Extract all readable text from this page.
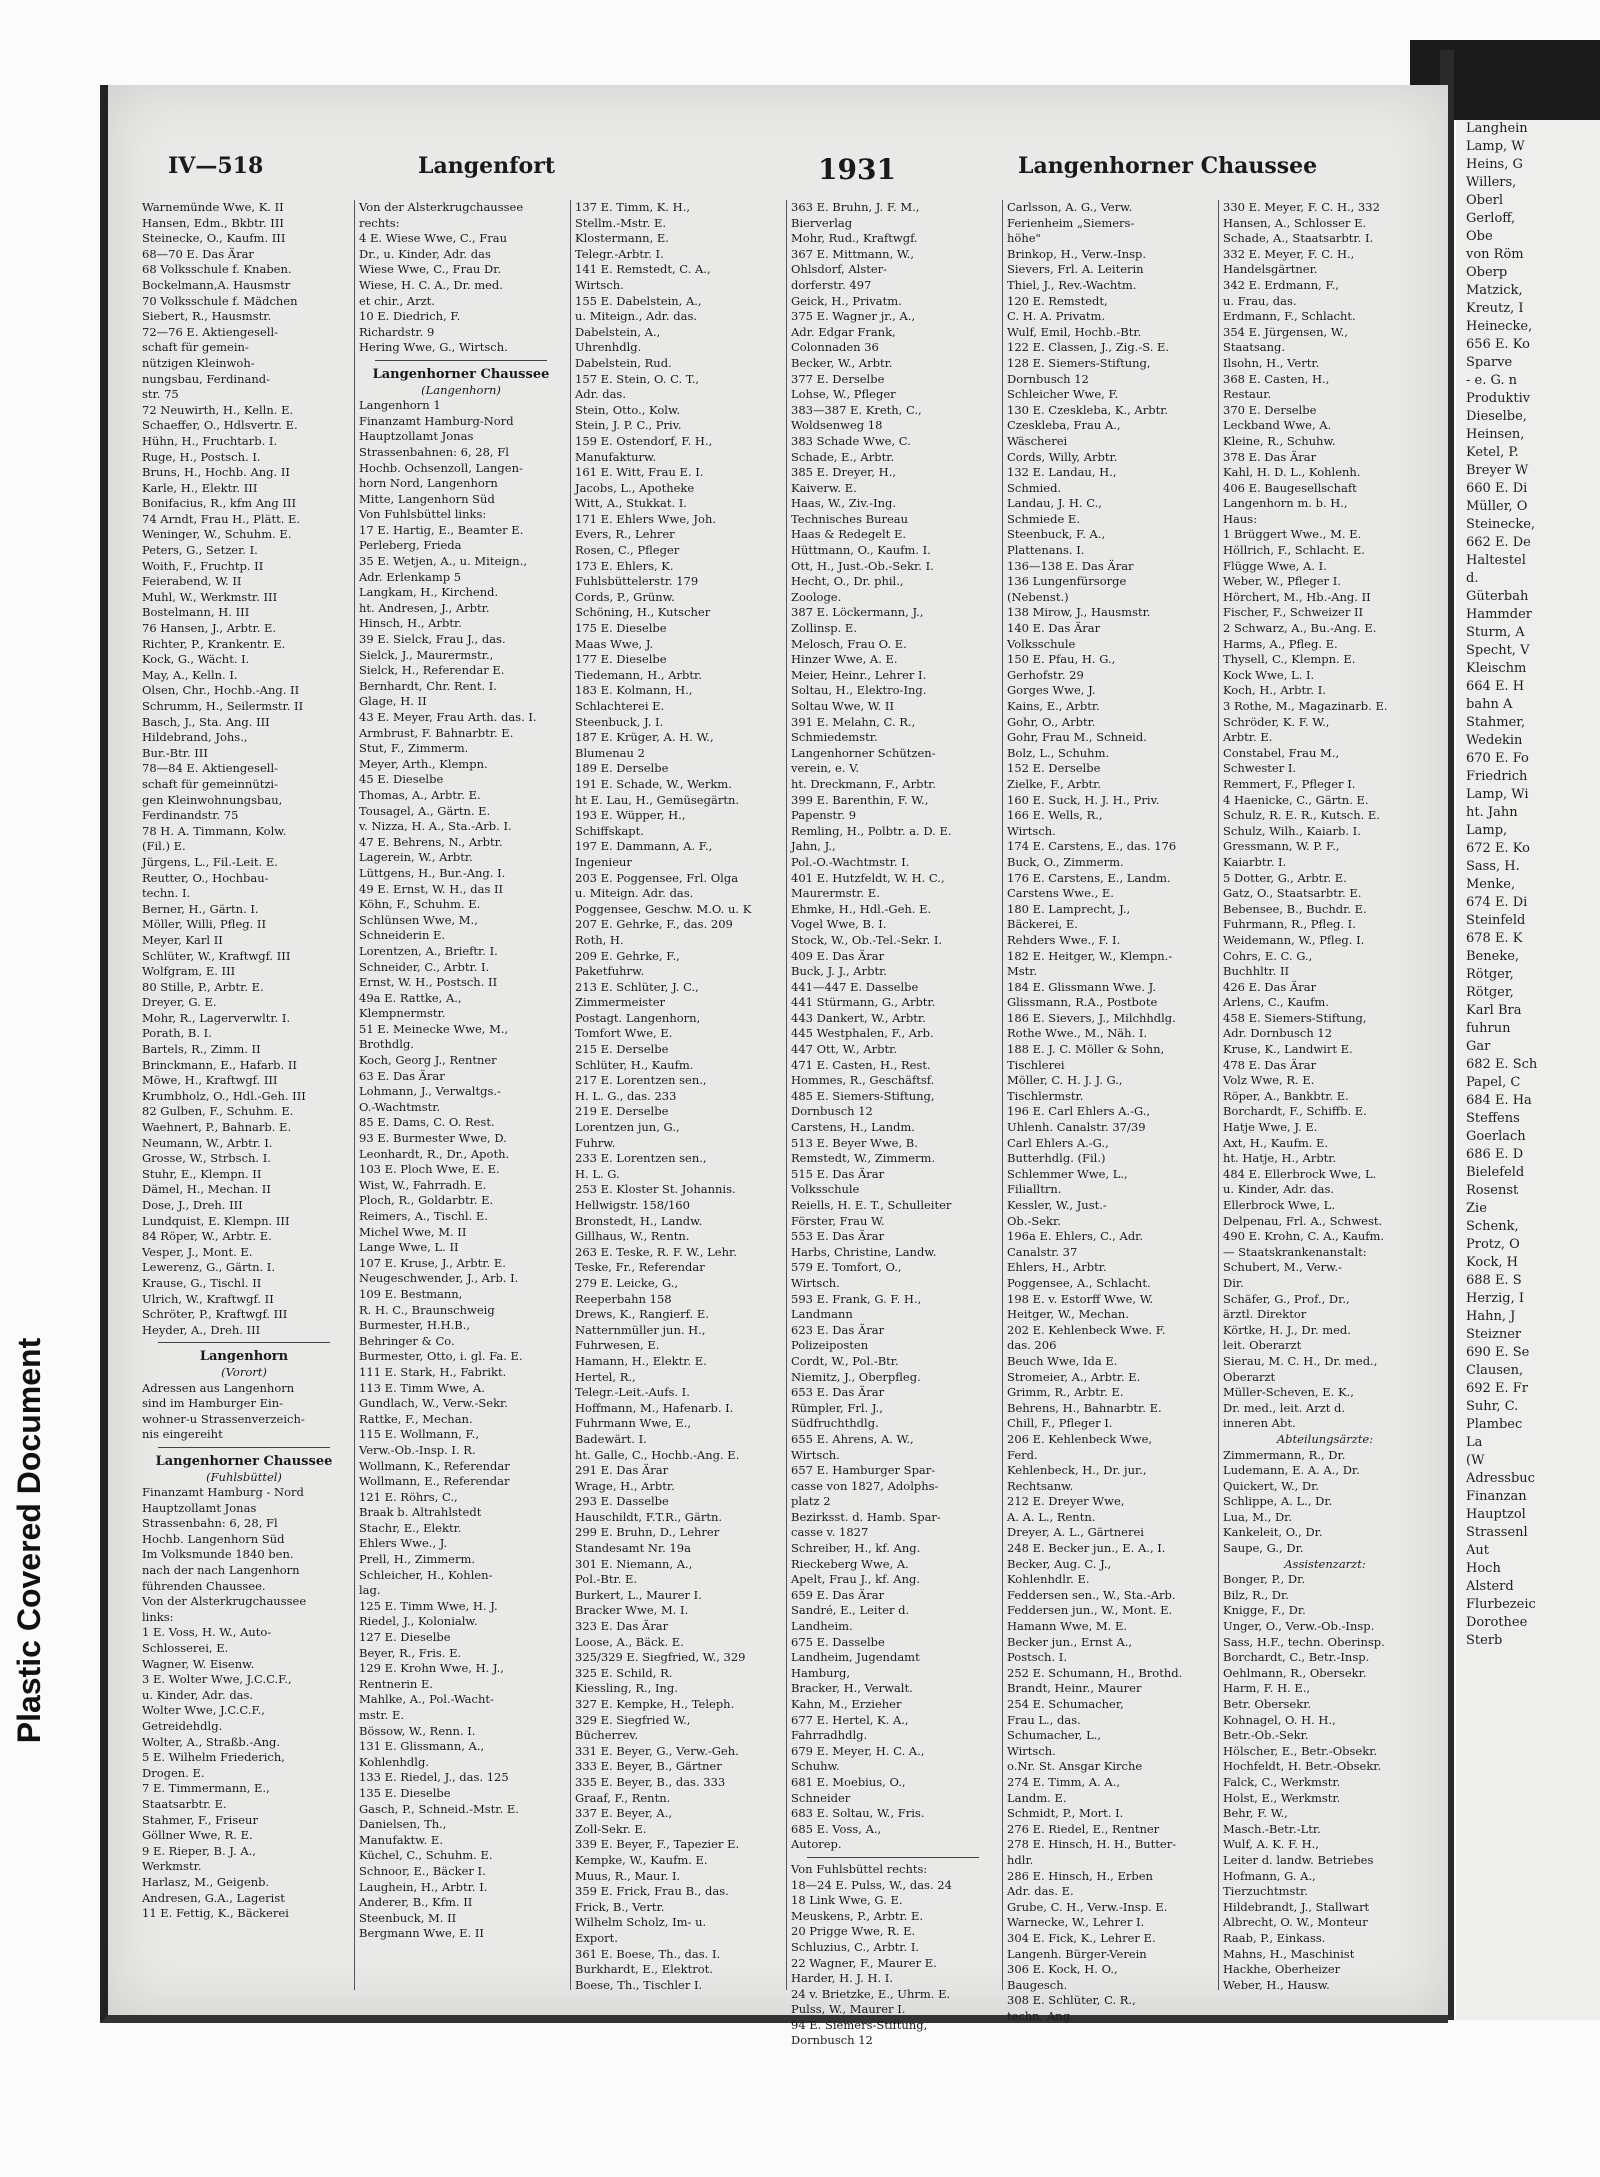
Plastic Covered Document
Langhein
Lamp, W
Heins, G
Willers,
Oberl
Gerloff,
Obe
von Röm
Oberp
Matzick,
Kreutz, I
Heinecke,
656 E. Ko
Sparve
- e. G. n
Produktiv
Dieselbe,
Heinsen,
Ketel, P.
Breyer W
660 E. Di
Müller, O
Steinecke,
662 E. De
Haltestel
d.
Güterbah
Hammder
Sturm, A
Specht, V
Kleischm
664 E. H
bahn A
Stahmer,
Wedekin
670 E. Fo
Friedrich
Lamp, Wi
ht. Jahn
Lamp,
672 E. Ko
Sass, H.
Menke,
674 E. Di
Steinfeld
678 E. K
Beneke,
Rötger,
Rötger,
Karl Bra
fuhrun
Gar
682 E. Sch
Papel, C
684 E. Ha
Steffens
Goerlach
686 E. D
Bielefeld
Rosenst
Zie
Schenk,
Protz, O
Kock, H
688 E. S
Herzig, I
Hahn, J
Steizner
690 E. Se
Clausen,
692 E. Fr
Suhr, C.
Plambec
La
(W
Adressbuc
Finanzan
Hauptzol
Strassenl
Aut
Hoch
Alsterd
Flurbezeic
Dorothee
Sterb
IV—518	Langenfort	1931	Langenhorner Chaussee
Warnemünde Wwe, K. II
Hansen, Edm., Bkbtr. III
Steinecke, O., Kaufm. III
68—70 E. Das Ärar
68 Volksschule f. Knaben.
Bockelmann,A. Hausmstr
70 Volksschule f. Mädchen
Siebert, R., Hausmstr.
72—76 E. Aktiengesell-
schaft für gemein-
nützigen Kleinwoh-
nungsbau, Ferdinand-
str. 75
72 Neuwirth, H., Kelln. E.
Schaeffer, O., Hdlsvertr. E.
Hühn, H., Fruchtarb. I.
Ruge, H., Postsch. I.
Bruns, H., Hochb. Ang. II
Karle, H., Elektr. III
Bonifacius, R., kfm Ang III
74 Arndt, Frau H., Plätt. E.
Weninger, W., Schuhm. E.
Peters, G., Setzer. I.
Woith, F., Fruchtp. II
Feierabend, W. II
Muhl, W., Werkmstr. III
Bostelmann, H. III
76 Hansen, J., Arbtr. E.
Richter, P., Krankentr. E.
Kock, G., Wächt. I.
May, A., Kelln. I.
Olsen, Chr., Hochb.-Ang. II
Schrumm, H., Seilermstr. II
Basch, J., Sta. Ang. III
Hildebrand, Johs.,
Bur.-Btr. III
78—84 E. Aktiengesell-
schaft für gemeinnützi-
gen Kleinwohnungsbau,
Ferdinandstr. 75
78 H. A. Timmann, Kolw.
(Fil.) E.
Jürgens, L., Fil.-Leit. E.
Reutter, O., Hochbau-
techn. I.
Berner, H., Gärtn. I.
Möller, Willi, Pfleg. II
Meyer, Karl II
Schlüter, W., Kraftwgf. III
Wolfgram, E. III
80 Stille, P., Arbtr. E.
Dreyer, G. E.
Mohr, R., Lagerverwltr. I.
Porath, B. I.
Bartels, R., Zimm. II
Brinckmann, E., Hafarb. II
Möwe, H., Kraftwgf. III
Krumbholz, O., Hdl.-Geh. III
82 Gulben, F., Schuhm. E.
Waehnert, P., Bahnarb. E.
Neumann, W., Arbtr. I.
Grosse, W., Strbsch. I.
Stuhr, E., Klempn. II
Dämel, H., Mechan. II
Dose, J., Dreh. III
Lundquist, E. Klempn. III
84 Röper, W., Arbtr. E.
Vesper, J., Mont. E.
Lewerenz, G., Gärtn. I.
Krause, G., Tischl. II
Ulrich, W., Kraftwgf. II
Schröter, P., Kraftwgf. III
Heyder, A., Dreh. III
Langenhorn
(Vorort)
Adressen aus Langenhorn
sind im Hamburger Ein-
wohner-u Strassenverzeich-
nis eingereiht
Langenhorner Chaussee
(Fuhlsbüttel)
Finanzamt Hamburg - Nord
Hauptzollamt Jonas
Strassenbahn: 6, 28, Fl
Hochb. Langenhorn Süd
Im Volksmunde 1840 ben.
nach der nach Langenhorn
führenden Chaussee.
Von der Alsterkrugchaussee
links:
1 E. Voss, H. W., Auto-
Schlosserei, E.
Wagner, W. Eisenw.
3 E. Wolter Wwe, J.C.C.F.,
u. Kinder, Adr. das.
Wolter Wwe, J.C.C.F.,
Getreidehdlg.
Wolter, A., Straßb.-Ang.
5 E. Wilhelm Friederich,
Drogen. E.
7 E. Timmermann, E.,
Staatsarbtr. E.
Stahmer, F., Friseur
Göllner Wwe, R. E.
9 E. Rieper, B. J. A.,
Werkmstr.
Harlasz, M., Geigenb.
Andresen, G.A., Lagerist
11 E. Fettig, K., Bäckerei
Von der Alsterkrugchaussee
rechts:
4 E. Wiese Wwe, C., Frau
Dr., u. Kinder, Adr. das
Wiese Wwe, C., Frau Dr.
Wiese, H. C. A., Dr. med.
et chir., Arzt.
10 E. Diedrich, F.
Richardstr. 9
Hering Wwe, G., Wirtsch.
Langenhorner Chaussee
(Langenhorn)
Langenhorn 1
Finanzamt Hamburg-Nord
Hauptzollamt Jonas
Strassenbahnen: 6, 28, Fl
Hochb. Ochsenzoll, Langen-
horn Nord, Langenhorn
Mitte, Langenhorn Süd
Von Fuhlsbüttel links:
17 E. Hartig, E., Beamter E.
Perleberg, Frieda
35 E. Wetjen, A., u. Miteign.,
Adr. Erlenkamp 5
Langkam, H., Kirchend.
ht. Andresen, J., Arbtr.
Hinsch, H., Arbtr.
39 E. Sielck, Frau J., das.
Sielck, J., Maurermstr.,
Sielck, H., Referendar E.
Bernhardt, Chr. Rent. I.
Glage, H. II
43 E. Meyer, Frau Arth. das. I.
Armbrust, F. Bahnarbtr. E.
Stut, F., Zimmerm.
Meyer, Arth., Klempn.
45 E. Dieselbe
Thomas, A., Arbtr. E.
Tousagel, A., Gärtn. E.
v. Nizza, H. A., Sta.-Arb. I.
47 E. Behrens, N., Arbtr.
Lagerein, W., Arbtr.
Lüttgens, H., Bur.-Ang. I.
49 E. Ernst, W. H., das II
Köhn, F., Schuhm. E.
Schlünsen Wwe, M.,
Schneiderin E.
Lorentzen, A., Brieftr. I.
Schneider, C., Arbtr. I.
Ernst, W. H., Postsch. II
49a E. Rattke, A.,
Klempnermstr.
51 E. Meinecke Wwe, M.,
Brothdlg.
Koch, Georg J., Rentner
63 E. Das Ärar
Lohmann, J., Verwaltgs.-
O.-Wachtmstr.
85 E. Dams, C. O. Rest.
93 E. Burmester Wwe, D.
Leonhardt, R., Dr., Apoth.
103 E. Ploch Wwe, E. E.
Wist, W., Fahrradh. E.
Ploch, R., Goldarbtr. E.
Reimers, A., Tischl. E.
Michel Wwe, M. II
Lange Wwe, L. II
107 E. Kruse, J., Arbtr. E.
Neugeschwender, J., Arb. I.
109 E. Bestmann,
R. H. C., Braunschweig
Burmester, H.H.B.,
Behringer & Co.
Burmester, Otto, i. gl. Fa. E.
111 E. Stark, H., Fabrikt.
113 E. Timm Wwe, A.
Gundlach, W., Verw.-Sekr.
Rattke, F., Mechan.
115 E. Wollmann, F.,
Verw.-Ob.-Insp. I. R.
Wollmann, K., Referendar
Wollmann, E., Referendar
121 E. Röhrs, C.,
Braak b. Altrahlstedt
Stachr, E., Elektr.
Ehlers Wwe., J.
Prell, H., Zimmerm.
Schleicher, H., Kohlen-
lag.
125 E. Timm Wwe, H. J.
Riedel, J., Kolonialw.
127 E. Dieselbe
Beyer, R., Fris. E.
129 E. Krohn Wwe, H. J.,
Rentnerin E.
Mahlke, A., Pol.-Wacht-
mstr. E.
Bössow, W., Renn. I.
131 E. Glissmann, A.,
Kohlenhdlg.
133 E. Riedel, J., das. 125
135 E. Dieselbe
Gasch, P., Schneid.-Mstr. E.
Danielsen, Th.,
Manufaktw. E.
Küchel, C., Schuhm. E.
Schnoor, E., Bäcker I.
Laughein, H., Arbtr. I.
Anderer, B., Kfm. II
Steenbuck, M. II
Bergmann Wwe, E. II
137 E. Timm, K. H.,
Stellm.-Mstr. E.
Klostermann, E.
Telegr.-Arbtr. I.
141 E. Remstedt, C. A.,
Wirtsch.
155 E. Dabelstein, A.,
u. Miteign., Adr. das.
Dabelstein, A.,
Uhrenhdlg.
Dabelstein, Rud.
157 E. Stein, O. C. T.,
Adr. das.
Stein, Otto., Kolw.
Stein, J. P. C., Priv.
159 E. Ostendorf, F. H.,
Manufakturw.
161 E. Witt, Frau E. I.
Jacobs, L., Apotheke
Witt, A., Stukkat. I.
171 E. Ehlers Wwe, Joh.
Evers, R., Lehrer
Rosen, C., Pfleger
173 E. Ehlers, K.
Fuhlsbüttelerstr. 179
Cords, P., Grünw.
Schöning, H., Kutscher
175 E. Dieselbe
Maas Wwe, J.
177 E. Dieselbe
Tiedemann, H., Arbtr.
183 E. Kolmann, H.,
Schlachterei E.
Steenbuck, J. I.
187 E. Krüger, A. H. W.,
Blumenau 2
189 E. Derselbe
191 E. Schade, W., Werkm.
ht E. Lau, H., Gemüsegärtn.
193 E. Wüpper, H.,
Schiffskapt.
197 E. Dammann, A. F.,
Ingenieur
203 E. Poggensee, Frl. Olga
u. Miteign. Adr. das.
Poggensee, Geschw. M.O. u. K
207 E. Gehrke, F., das. 209
Roth, H.
209 E. Gehrke, F.,
Paketfuhrw.
213 E. Schlüter, J. C.,
Zimmermeister
Postagt. Langenhorn,
Tomfort Wwe, E.
215 E. Derselbe
Schlüter, H., Kaufm.
217 E. Lorentzen sen.,
H. L. G., das. 233
219 E. Derselbe
Lorentzen jun, G.,
Fuhrw.
233 E. Lorentzen sen.,
H. L. G.
253 E. Kloster St. Johannis.
Hellwigstr. 158/160
Bronstedt, H., Landw.
Gillhaus, W., Rentn.
263 E. Teske, R. F. W., Lehr.
Teske, Fr., Referendar
279 E. Leicke, G.,
Reeperbahn 158
Drews, K., Rangierf. E.
Natternmüller jun. H.,
Fuhrwesen, E.
Hamann, H., Elektr. E.
Hertel, R.,
Telegr.-Leit.-Aufs. I.
Hoffmann, M., Hafenarb. I.
Fuhrmann Wwe, E.,
Badewärt. I.
ht. Galle, C., Hochb.-Ang. E.
291 E. Das Ärar
Wrage, H., Arbtr.
293 E. Dasselbe
Hauschildt, F.T.R., Gärtn.
299 E. Bruhn, D., Lehrer
Standesamt Nr. 19a
301 E. Niemann, A.,
Pol.-Btr. E.
Burkert, L., Maurer I.
Bracker Wwe, M. I.
323 E. Das Ärar
Loose, A., Bäck. E.
325/329 E. Siegfried, W., 329
325 E. Schild, R.
Kiessling, R., Ing.
327 E. Kempke, H., Teleph.
329 E. Siegfried W.,
Bücherrev.
331 E. Beyer, G., Verw.-Geh.
333 E. Beyer, B., Gärtner
335 E. Beyer, B., das. 333
Graaf, F., Rentn.
337 E. Beyer, A.,
Zoll-Sekr. E.
339 E. Beyer, F., Tapezier E.
Kempke, W., Kaufm. E.
Muus, R., Maur. I.
359 E. Frick, Frau B., das.
Frick, B., Vertr.
Wilhelm Scholz, Im- u.
Export.
361 E. Boese, Th., das. I.
Burkhardt, E., Elektrot.
Boese, Th., Tischler I.
363 E. Bruhn, J. F. M.,
Bierverlag
Mohr, Rud., Kraftwgf.
367 E. Mittmann, W.,
Ohlsdorf, Alster-
dorferstr. 497
Geick, H., Privatm.
375 E. Wagner jr., A.,
Adr. Edgar Frank,
Colonnaden 36
Becker, W., Arbtr.
377 E. Derselbe
Lohse, W., Pfleger
383—387 E. Kreth, C.,
Woldsenweg 18
383 Schade Wwe, C.
Schade, E., Arbtr.
385 E. Dreyer, H.,
Kaiverw. E.
Haas, W., Ziv.-Ing.
Technisches Bureau
Haas & Redegelt E.
Hüttmann, O., Kaufm. I.
Ott, H., Just.-Ob.-Sekr. I.
Hecht, O., Dr. phil.,
Zoologe.
387 E. Löckermann, J.,
Zollinsp. E.
Melosch, Frau O. E.
Hinzer Wwe, A. E.
Meier, Heinr., Lehrer I.
Soltau, H., Elektro-Ing.
Soltau Wwe, W. II
391 E. Melahn, C. R.,
Schmiedemstr.
Langenhorner Schützen-
verein, e. V.
ht. Dreckmann, F., Arbtr.
399 E. Barenthin, F. W.,
Papenstr. 9
Remling, H., Polbtr. a. D. E.
Jahn, J.,
Pol.-O.-Wachtmstr. I.
401 E. Hutzfeldt, W. H. C.,
Maurermstr. E.
Ehmke, H., Hdl.-Geh. E.
Vogel Wwe, B. I.
Stock, W., Ob.-Tel.-Sekr. I.
409 E. Das Ärar
Buck, J. J., Arbtr.
441—447 E. Dasselbe
441 Stürmann, G., Arbtr.
443 Dankert, W., Arbtr.
445 Westphalen, F., Arb.
447 Ott, W., Arbtr.
471 E. Casten, H., Rest.
Hommes, R., Geschäftsf.
485 E. Siemers-Stiftung,
Dornbusch 12
Carstens, H., Landm.
513 E. Beyer Wwe, B.
Remstedt, W., Zimmerm.
515 E. Das Ärar
Volksschule
Reiells, H. E. T., Schulleiter
Förster, Frau W.
553 E. Das Ärar
Harbs, Christine, Landw.
579 E. Tomfort, O.,
Wirtsch.
593 E. Frank, G. F. H.,
Landmann
623 E. Das Ärar
Polizeiposten
Cordt, W., Pol.-Btr.
Niemitz, J., Oberpfleg.
653 E. Das Ärar
Rümpler, Frl. J.,
Südfruchthdlg.
655 E. Ahrens, A. W.,
Wirtsch.
657 E. Hamburger Spar-
casse von 1827, Adolphs-
platz 2
Bezirksst. d. Hamb. Spar-
casse v. 1827
Schreiber, H., kf. Ang.
Rieckeberg Wwe, A.
Apelt, Frau J., kf. Ang.
659 E. Das Ärar
Sandré, E., Leiter d.
Landheim.
675 E. Dasselbe
Landheim, Jugendamt
Hamburg,
Bracker, H., Verwalt.
Kahn, M., Erzieher
677 E. Hertel, K. A.,
Fahrradhdlg.
679 E. Meyer, H. C. A.,
Schuhw.
681 E. Moebius, O.,
Schneider
683 E. Soltau, W., Fris.
685 E. Voss, A.,
Autorep.
Von Fuhlsbüttel rechts:
18—24 E. Pulss, W., das. 24
18 Link Wwe, G. E.
Meuskens, P., Arbtr. E.
20 Prigge Wwe, R. E.
Schluzius, C., Arbtr. I.
22 Wagner, F., Maurer E.
Harder, H. J. H. I.
24 v. Brietzke, E., Uhrm. E.
Pulss, W., Maurer I.
94 E. Siemers-Stiftung,
Dornbusch 12
Carlsson, A. G., Verw.
Ferienheim „Siemers-
höhe"
Brinkop, H., Verw.-Insp.
Sievers, Frl. A. Leiterin
Thiel, J., Rev.-Wachtm.
120 E. Remstedt,
C. H. A. Privatm.
Wulf, Emil, Hochb.-Btr.
122 E. Classen, J., Zig.-S. E.
128 E. Siemers-Stiftung,
Dornbusch 12
Schleicher Wwe, F.
130 E. Czeskleba, K., Arbtr.
Czeskleba, Frau A.,
Wäscherei
Cords, Willy, Arbtr.
132 E. Landau, H.,
Schmied.
Landau, J. H. C.,
Schmiede E.
Steenbuck, F. A.,
Plattenans. I.
136—138 E. Das Ärar
136 Lungenfürsorge
(Nebenst.)
138 Mirow, J., Hausmstr.
140 E. Das Ärar
Volksschule
150 E. Pfau, H. G.,
Gerhofstr. 29
Gorges Wwe, J.
Kains, E., Arbtr.
Gohr, O., Arbtr.
Gohr, Frau M., Schneid.
Bolz, L., Schuhm.
152 E. Derselbe
Zielke, F., Arbtr.
160 E. Suck, H. J. H., Priv.
166 E. Wells, R.,
Wirtsch.
174 E. Carstens, E., das. 176
Buck, O., Zimmerm.
176 E. Carstens, E., Landm.
Carstens Wwe., E.
180 E. Lamprecht, J.,
Bäckerei, E.
Rehders Wwe., F. I.
182 E. Heitger, W., Klempn.-
Mstr.
184 E. Glissmann Wwe. J.
Glissmann, R.A., Postbote
186 E. Sievers, J., Milchhdlg.
Rothe Wwe., M., Näh. I.
188 E. J. C. Möller & Sohn,
Tischlerei
Möller, C. H. J. J. G.,
Tischlermstr.
196 E. Carl Ehlers A.-G.,
Uhlenh. Canalstr. 37/39
Carl Ehlers A.-G.,
Butterhdlg. (Fil.)
Schlemmer Wwe, L.,
Filialltrn.
Kessler, W., Just.-
Ob.-Sekr.
196a E. Ehlers, C., Adr.
Canalstr. 37
Ehlers, H., Arbtr.
Poggensee, A., Schlacht.
198 E. v. Estorff Wwe, W.
Heitger, W., Mechan.
202 E. Kehlenbeck Wwe. F.
das. 206
Beuch Wwe, Ida E.
Stromeier, A., Arbtr. E.
Grimm, R., Arbtr. E.
Behrens, H., Bahnarbtr. E.
Chill, F., Pfleger I.
206 E. Kehlenbeck Wwe,
Ferd.
Kehlenbeck, H., Dr. jur.,
Rechtsanw.
212 E. Dreyer Wwe,
A. A. L., Rentn.
Dreyer, A. L., Gärtnerei
248 E. Becker jun., E. A., I.
Becker, Aug. C. J.,
Kohlenhdlr. E.
Feddersen sen., W., Sta.-Arb.
Feddersen jun., W., Mont. E.
Hamann Wwe, M. E.
Becker jun., Ernst A.,
Postsch. I.
252 E. Schumann, H., Brothd.
Brandt, Heinr., Maurer
254 E. Schumacher,
Frau L., das.
Schumacher, L.,
Wirtsch.
o.Nr. St. Ansgar Kirche
274 E. Timm, A. A.,
Landm. E.
Schmidt, P., Mort. I.
276 E. Riedel, E., Rentner
278 E. Hinsch, H. H., Butter-
hdlr.
286 E. Hinsch, H., Erben
Adr. das. E.
Grube, C. H., Verw.-Insp. E.
Warnecke, W., Lehrer I.
304 E. Fick, K., Lehrer E.
Langenh. Bürger-Verein
306 E. Kock, H. O.,
Baugesch.
308 E. Schlüter, C. R.,
techn. Ang.
330 E. Meyer, F. C. H., 332
Hansen, A., Schlosser E.
Schade, A., Staatsarbtr. I.
332 E. Meyer, F. C. H.,
Handelsgärtner.
342 E. Erdmann, F.,
u. Frau, das.
Erdmann, F., Schlacht.
354 E. Jürgensen, W.,
Staatsang.
Ilsohn, H., Vertr.
368 E. Casten, H.,
Restaur.
370 E. Derselbe
Leckband Wwe, A.
Kleine, R., Schuhw.
378 E. Das Ärar
Kahl, H. D. L., Kohlenh.
406 E. Baugesellschaft
Langenhorn m. b. H.,
Haus:
1 Brüggert Wwe., M. E.
Höllrich, F., Schlacht. E.
Flügge Wwe, A. I.
Weber, W., Pfleger I.
Hörchert, M., Hb.-Ang. II
Fischer, F., Schweizer II
2 Schwarz, A., Bu.-Ang. E.
Harms, A., Pfleg. E.
Thysell, C., Klempn. E.
Kock Wwe, L. I.
Koch, H., Arbtr. I.
3 Rothe, M., Magazinarb. E.
Schröder, K. F. W.,
Arbtr. E.
Constabel, Frau M.,
Schwester I.
Remmert, F., Pfleger I.
4 Haenicke, C., Gärtn. E.
Schulz, R. E. R., Kutsch. E.
Schulz, Wilh., Kaiarb. I.
Gressmann, W. P. F.,
Kaiarbtr. I.
5 Dotter, G., Arbtr. E.
Gatz, O., Staatsarbtr. E.
Bebensee, B., Buchdr. E.
Fuhrmann, R., Pfleg. I.
Weidemann, W., Pfleg. I.
Cohrs, E. C. G.,
Buchhltr. II
426 E. Das Ärar
Arlens, C., Kaufm.
458 E. Siemers-Stiftung,
Adr. Dornbusch 12
Kruse, K., Landwirt E.
478 E. Das Ärar
Volz Wwe, R. E.
Röper, A., Bankbtr. E.
Borchardt, F., Schiffb. E.
Hatje Wwe, J. E.
Axt, H., Kaufm. E.
ht. Hatje, H., Arbtr.
484 E. Ellerbrock Wwe, L.
u. Kinder, Adr. das.
Ellerbrock Wwe, L.
Delpenau, Frl. A., Schwest.
490 E. Krohn, C. A., Kaufm.
— Staatskrankenanstalt:
Schubert, M., Verw.-
Dir.
Schäfer, G., Prof., Dr.,
ärztl. Direktor
Körtke, H. J., Dr. med.
leit. Oberarzt
Sierau, M. C. H., Dr. med.,
Oberarzt
Müller-Scheven, E. K.,
Dr. med., leit. Arzt d.
inneren Abt.
Abteilungsärzte:
Zimmermann, R., Dr.
Ludemann, E. A. A., Dr.
Quickert, W., Dr.
Schlippe, A. L., Dr.
Lua, M., Dr.
Kankeleit, O., Dr.
Saupe, G., Dr.
Assistenzarzt:
Bonger, P., Dr.
Bilz, R., Dr.
Knigge, F., Dr.
Unger, O., Verw.-Ob.-Insp.
Sass, H.F., techn. Oberinsp.
Borchardt, C., Betr.-Insp.
Oehlmann, R., Obersekr.
Harm, F. H. E.,
Betr. Obersekr.
Kohnagel, O. H. H.,
Betr.-Ob.-Sekr.
Hölscher, E., Betr.-Obsekr.
Hochfeldt, H. Betr.-Obsekr.
Falck, C., Werkmstr.
Holst, E., Werkmstr.
Behr, F. W.,
Masch.-Betr.-Ltr.
Wulf, A. K. F. H.,
Leiter d. landw. Betriebes
Hofmann, G. A.,
Tierzuchtmstr.
Hildebrandt, J., Stallwart
Albrecht, O. W., Monteur
Raab, P., Einkass.
Mahns, H., Maschinist
Hackhe, Oberheizer
Weber, H., Hausw.
